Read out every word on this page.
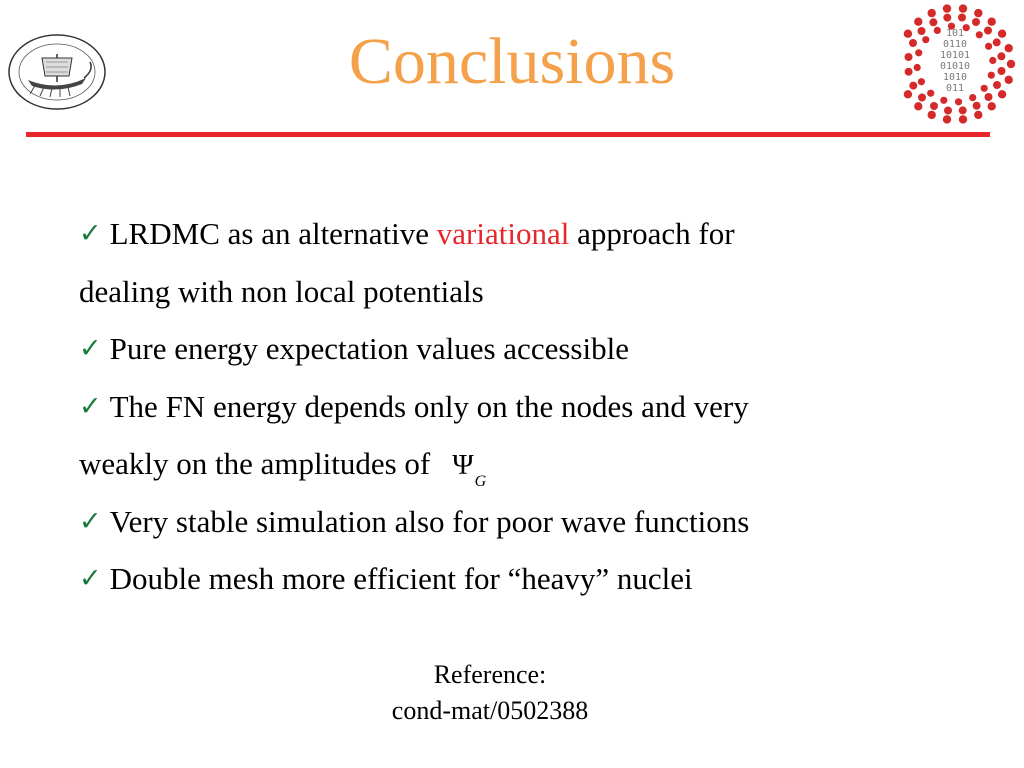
Conclusions	101
0110
10101
01010
1010
011
✓ LRDMC as an alternative variational approach for
dealing with non local potentials
✓ Pure energy expectation values accessible
✓ The FN energy depends only on the nodes and very
weakly on the amplitudes of $\Psi_G$
✓ Very stable simulation also for poor wave functions
✓ Double mesh more efficient for “heavy” nuclei
Reference:
cond-mat/0502388
